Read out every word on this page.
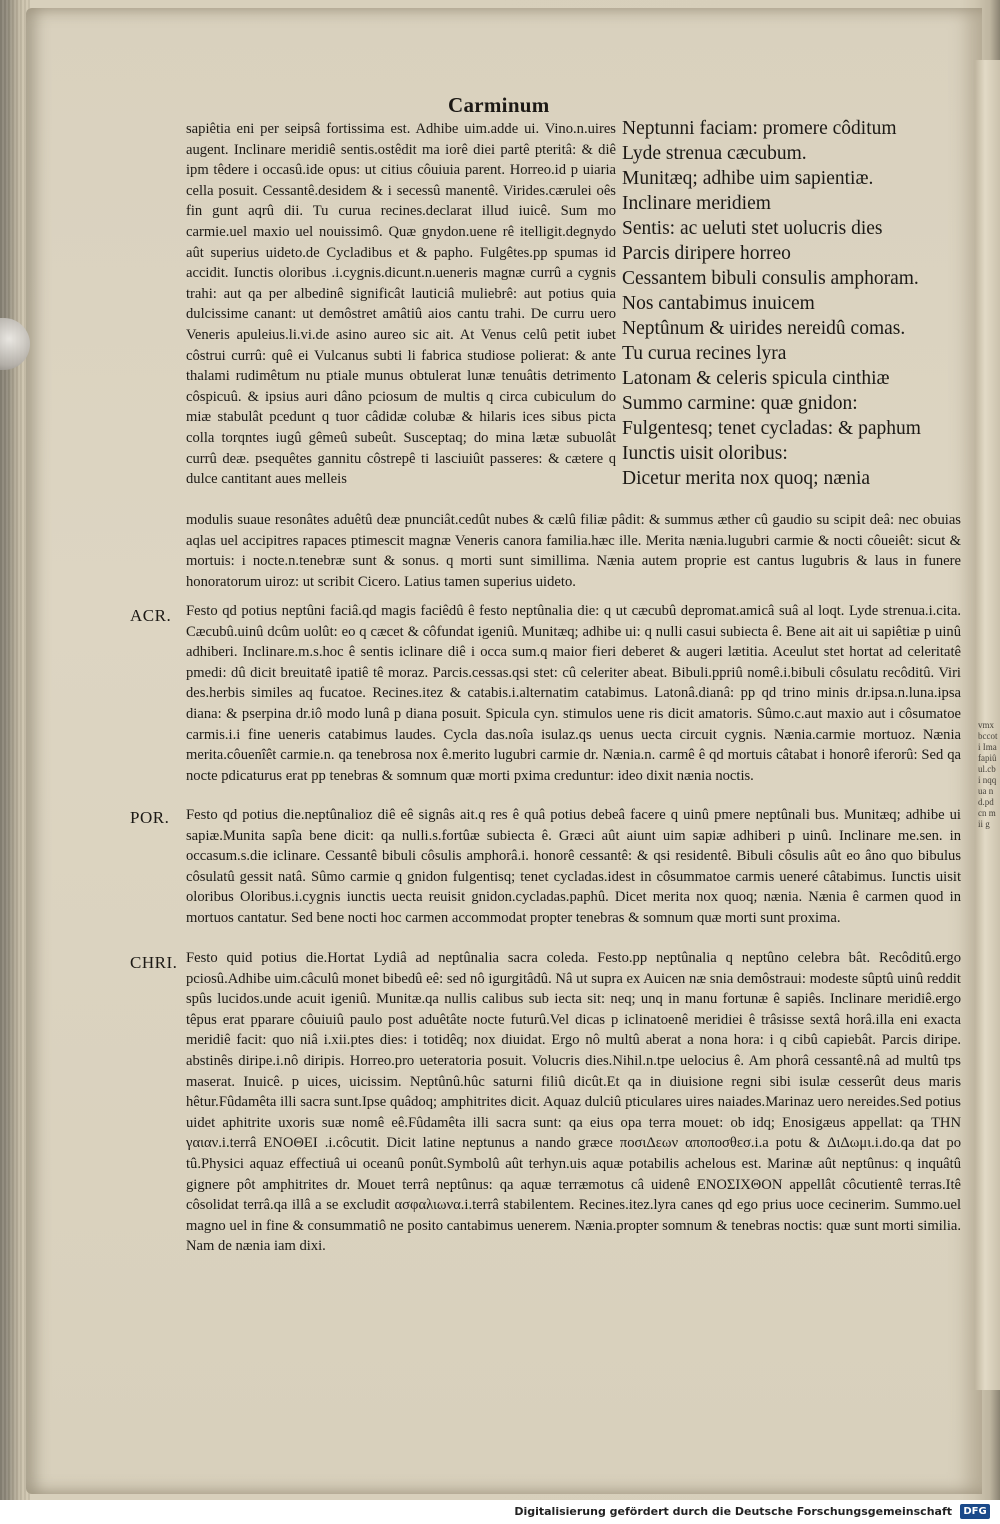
vmx bccoti Ima fapiû ul.cbi nqqua nd.pd cn mii g
Carminum
sapiêtia eni per seipsâ fortissima est. Adhibe uim.adde ui. Vino.n.uires augent. Inclinare meridiê sentis.ostêdit ma iorê diei partê pteritâ: & diê ipm têdere i occasû.ide opus: ut citius côuiuia parent. Horreo.id p uiaria cella posuit. Cessantê.desidem & i secessû manentê. Virides.cærulei oês fin gunt aqrû dii. Tu curua recines.declarat illud iuicê. Sum mo carmie.uel maxio uel nouissimô. Quæ gnydon.uene rê itelligit.degnydo aût superius uideto.de Cycladibus et & papho. Fulgêtes.pp spumas id accidit. Iunctis oloribus .i.cygnis.dicunt.n.ueneris magnæ currû a cygnis trahi: aut qa per albedinê significât lauticiâ muliebrê: aut potius quia dulcissime canant: ut demôstret amâtiû aios cantu trahi. De curru uero Veneris apuleius.li.vi.de asino aureo sic ait. At Venus celû petit iubet côstrui currû: quê ei Vulcanus subti li fabrica studiose polierat: & ante thalami rudimêtum nu ptiale munus obtulerat lunæ tenuâtis detrimento côspicuû. & ipsius auri dâno pciosum de multis q circa cubiculum do miæ stabulât pcedunt q tuor câdidæ colubæ & hilaris ices sibus picta colla torqntes iugû gêmeû subeût. Susceptaq; do mina lætæ subuolât currû deæ. psequêtes gannitu côstrepê ti lasciuiût passeres: & cætere q dulce cantitant aues melleis
Neptunni faciam: promere côditum
Lyde strenua cæcubum.
Munitæq; adhibe uim sapientiæ.
Inclinare meridiem
Sentis: ac ueluti stet uolucris dies
Parcis diripere horreo
Cessantem bibuli consulis amphoram.
Nos cantabimus inuicem
Neptûnum & uirides nereidû comas.
Tu curua recines lyra
Latonam & celeris spicula cinthiæ
Summo carmine: quæ gnidon:
Fulgentesq; tenet cycladas: & paphum
Iunctis uisit oloribus:
Dicetur merita nox quoq; nænia
modulis suaue resonâtes aduêtû deæ pnunciât.cedût nubes & cælû filiæ pâdit: & summus æther cû gaudio su scipit deâ: nec obuias aqlas uel accipitres rapaces ptimescit magnæ Veneris canora familia.hæc ille. Merita nænia.lugubri carmie & nocti côueiêt: sicut & mortuis: i nocte.n.tenebræ sunt & sonus. q morti sunt simillima. Nænia autem proprie est cantus lugubris & laus in funere honoratorum uiroz: ut scribit Cicero. Latius tamen superius uideto.
ACR. Festo qd potius neptûni faciâ.qd magis faciêdû ê festo neptûnalia die: q ut cæcubû depromat.amicâ suâ al loqt. Lyde strenua.i.cita. Cæcubû.uinû dcûm uolût: eo q cæcet & côfundat igeniû. Munitæq; adhibe ui: q nulli casui subiecta ê. Bene ait ait ui sapiêtiæ p uinû adhiberi. Inclinare.m.s.hoc ê sentis iclinare diê i occa sum.q maior fieri deberet & augeri lætitia. Aceulut stet hortat ad celeritatê pmedi: dû dicit breuitatê ipatiê tê moraz. Parcis.cessas.qsi stet: cû celeriter abeat. Bibuli.ppriû nomê.i.bibuli côsulatu recôditû. Viri des.herbis similes aq fucatoe. Recines.itez & catabis.i.alternatim catabimus. Latonâ.dianâ: pp qd trino minis dr.ipsa.n.luna.ipsa diana: & pserpina dr.iô modo lunâ p diana posuit. Spicula cyn. stimulos uene ris dicit amatoris. Sûmo.c.aut maxio aut i côsumatoe carmis.i.i fine ueneris catabimus laudes. Cycla das.noîa isulaz.qs uenus uecta circuit cygnis. Nænia.carmie mortuoz. Nænia merita.côuenîêt carmie.n. qa tenebrosa nox ê.merito lugubri carmie dr. Nænia.n. carmê ê qd mortuis câtabat i honorê iferorû: Sed qa nocte pdicaturus erat pp tenebras & somnum quæ morti pxima creduntur: ideo dixit nænia noctis.
POR. Festo qd potius die.neptûnalioz diê eê signâs ait.q res ê quâ potius debeâ facere q uinû pmere neptûnali bus. Munitæq; adhibe ui sapiæ.Munita sapîa bene dicit: qa nulli.s.fortûæ subiecta ê. Græci aût aiunt uim sapiæ adhiberi p uinû. Inclinare me.sen. in occasum.s.die iclinare. Cessantê bibuli côsulis amphorâ.i. honorê cessantê: & qsi residentê. Bibuli côsulis aût eo âno quo bibulus côsulatû gessit natâ. Sûmo carmie q gnidon fulgentisq; tenet cycladas.idest in côsummatoe carmis ueneré câtabimus. Iunctis uisit oloribus Oloribus.i.cygnis iunctis uecta reuisit gnidon.cycladas.paphû. Dicet merita nox quoq; nænia. Nænia ê carmen quod in mortuos cantatur. Sed bene nocti hoc carmen accommodat propter tenebras & somnum quæ morti sunt proxima.
CHRI. Festo quid potius die.Hortat Lydiâ ad neptûnalia sacra coleda. Festo.pp neptûnalia q neptûno celebra bât. Recôditû.ergo pciosû.Adhibe uim.câculû monet bibedû eê: sed nô igurgitâdû. Nâ ut supra ex Auicen næ snia demôstraui: modeste sûptû uinû reddit spûs lucidos.unde acuit igeniû. Munitæ.qa nullis calibus sub iecta sit: neq; unq in manu fortunæ ê sapiês. Inclinare meridiê.ergo têpus erat pparare côuiuiû paulo post aduêtâte nocte futurû.Vel dicas p iclinatoenê meridiei ê trâsisse sextâ horâ.illa eni exacta meridiê facit: quo niâ i.xii.ptes dies: i totidêq; nox diuidat. Ergo nô multû aberat a nona hora: i q cibû capiebât. Parcis diripe. abstinês diripe.i.nô diripis. Horreo.pro ueteratoria posuit. Volucris dies.Nihil.n.tpe uelocius ê. Am phorâ cessantê.nâ ad multû tps maserat. Inuicê. p uices, uicissim. Neptûnû.hûc saturni filiû dicût.Et qa in diuisione regni sibi isulæ cesserût deus maris hêtur.Fûdamêta illi sacra sunt.Ipse quâdoq; amphitrites dicit. Aquaz dulciû pticulares uires naiades.Marinaz uero nereides.Sed potius uidet aphitrite uxoris suæ nomê eê.Fûdamêta illi sacra sunt: qa eius opa terra mouet: ob idq; Enosigæus appellat: qa ΤΗΝ γαιαν.i.terrâ ΕΝΟΘΕΙ .i.côcutit. Dicit latine neptunus a nando græce ποσιΔεων αποποσθεσ.i.a potu & ΔιΔωμι.i.do.qa dat po tû.Physici aquaz effectiuâ ui oceanû ponût.Symbolû aût terhyn.uis aquæ potabilis achelous est. Marinæ aût neptûnus: q inquâtû gignere pôt amphitrites dr. Mouet terrâ neptûnus: qa aquæ terræmotus câ uidenê ΕΝΟΣΙΧΘΟΝ appellât côcutientê terras.Itê côsolidat terrâ.qa illâ a se excludit ασφαλιωνα.i.terrâ stabilentem. Recines.itez.lyra canes qd ego prius uoce cecinerim. Summo.uel magno uel in fine & consummatiô ne posito cantabimus uenerem. Nænia.propter somnum & tenebras noctis: quæ sunt morti similia. Nam de nænia iam dixi.
Digitalisierung gefördert durch die Deutsche Forschungsgemeinschaft	DFG
